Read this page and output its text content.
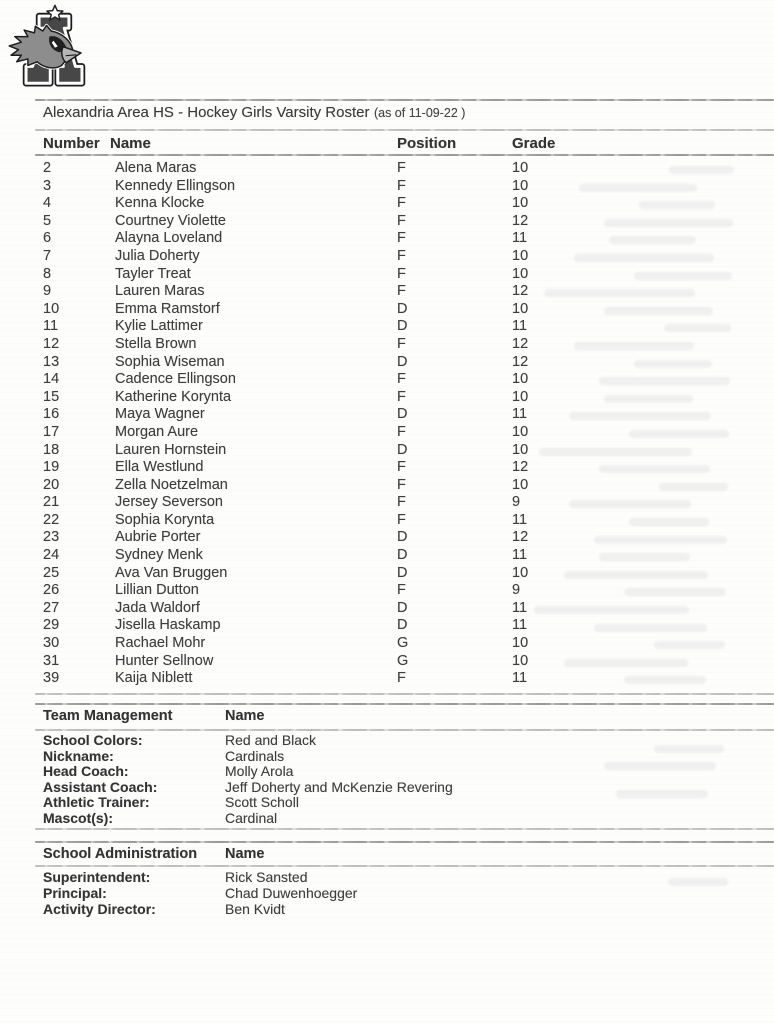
Alexandria Area HS - Hockey Girls Varsity Roster (as of 11-09-22 )
Number Name	Position	Grade
2	Alena Maras	F	10
3	Kennedy Ellingson	F	10
4	Kenna Klocke	F	10
5	Courtney Violette	F	12
6	Alayna Loveland	F	11
7	Julia Doherty	F	10
8	Tayler Treat	F	10
9	Lauren Maras	F	12
10	Emma Ramstorf	D	10
11	Kylie Lattimer	D	11
12	Stella Brown	F	12
13	Sophia Wiseman	D	12
14	Cadence Ellingson	F	10
15	Katherine Korynta	F	10
16	Maya Wagner	D	11
17	Morgan Aure	F	10
18	Lauren Hornstein	D	10
19	Ella Westlund	F	12
20	Zella Noetzelman	F	10
21	Jersey Severson	F	9
22	Sophia Korynta	F	11
23	Aubrie Porter	D	12
24	Sydney Menk	D	11
25	Ava Van Bruggen	D	10
26	Lillian Dutton	F	9
27	Jada Waldorf	D	11
29	Jisella Haskamp	D	11
30	Rachael Mohr	G	10
31	Hunter Sellnow	G	10
39	Kaija Niblett	F	11
Team Management	Name
School Colors:	Red and Black
Nickname:	Cardinals
Head Coach:	Molly Arola
Assistant Coach:	Jeff Doherty and McKenzie Revering
Athletic Trainer:	Scott Scholl
Mascot(s):	Cardinal
School Administration	Name
Superintendent:	Rick Sansted
Principal:	Chad Duwenhoegger
Activity Director:	Ben Kvidt
